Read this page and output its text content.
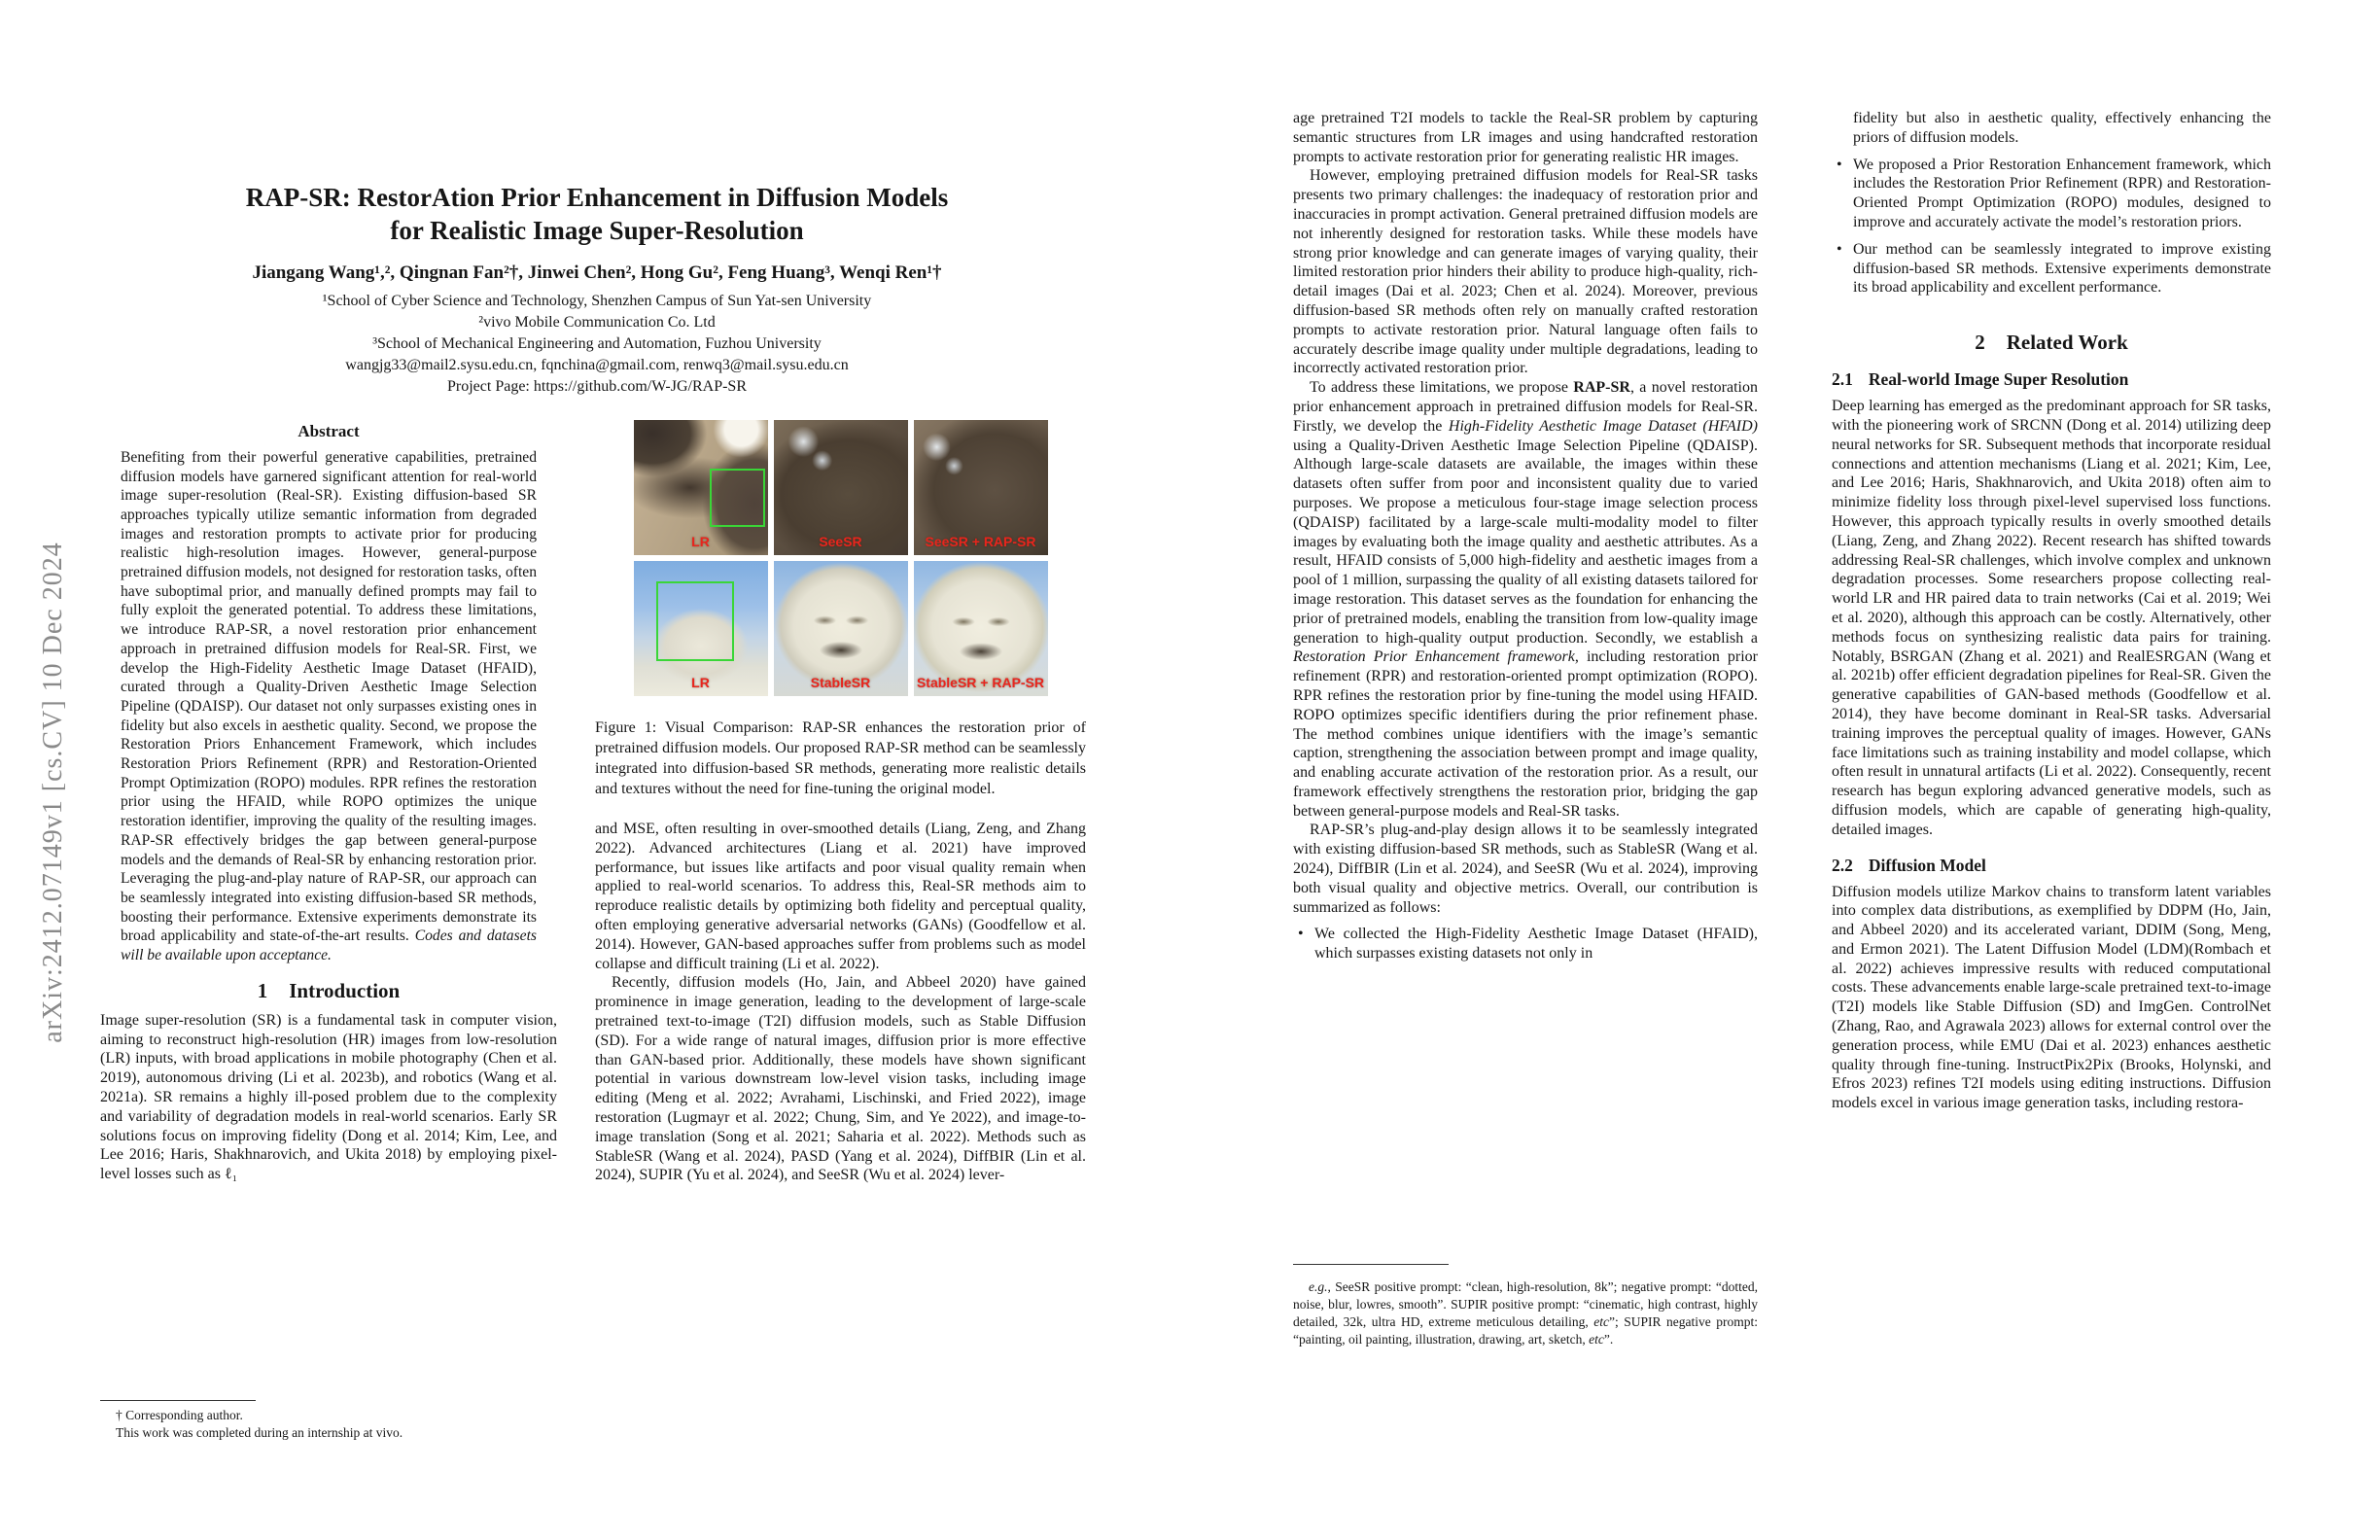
arXiv:2412.07149v1 [cs.CV] 10 Dec 2024
RAP-SR: RestorAtion Prior Enhancement in Diffusion Models
for Realistic Image Super-Resolution
Jiangang Wang¹,², Qingnan Fan²†, Jinwei Chen², Hong Gu², Feng Huang³, Wenqi Ren¹†
¹School of Cyber Science and Technology, Shenzhen Campus of Sun Yat-sen University
²vivo Mobile Communication Co. Ltd
³School of Mechanical Engineering and Automation, Fuzhou University
wangjg33@mail2.sysu.edu.cn, fqnchina@gmail.com, renwq3@mail.sysu.edu.cn
Project Page: https://github.com/W-JG/RAP-SR
Abstract

Benefiting from their powerful generative capabilities, pretrained diffusion models have garnered significant attention for real-world image super-resolution (Real-SR). Existing diffusion-based SR approaches typically utilize semantic information from degraded images and restoration prompts to activate prior for producing realistic high-resolution images. However, general-purpose pretrained diffusion models, not designed for restoration tasks, often have suboptimal prior, and manually defined prompts may fail to fully exploit the generated potential. To address these limitations, we introduce RAP-SR, a novel restoration prior enhancement approach in pretrained diffusion models for Real-SR. First, we develop the High-Fidelity Aesthetic Image Dataset (HFAID), curated through a Quality-Driven Aesthetic Image Selection Pipeline (QDAISP). Our dataset not only surpasses existing ones in fidelity but also excels in aesthetic quality. Second, we propose the Restoration Priors Enhancement Framework, which includes Restoration Priors Refinement (RPR) and Restoration-Oriented Prompt Optimization (ROPO) modules. RPR refines the restoration prior using the HFAID, while ROPO optimizes the unique restoration identifier, improving the quality of the resulting images. RAP-SR effectively bridges the gap between general-purpose models and the demands of Real-SR by enhancing restoration prior. Leveraging the plug-and-play nature of RAP-SR, our approach can be seamlessly integrated into existing diffusion-based SR methods, boosting their performance. Extensive experiments demonstrate its broad applicability and state-of-the-art results. Codes and datasets will be available upon acceptance.

1 Introduction

Image super-resolution (SR) is a fundamental task in computer vision, aiming to reconstruct high-resolution (HR) images from low-resolution (LR) inputs, with broad applications in mobile photography (Chen et al. 2019), autonomous driving (Li et al. 2023b), and robotics (Wang et al. 2021a). SR remains a highly ill-posed problem due to the complexity and variability of degradation models in real-world scenarios. Early SR solutions focus on improving fidelity (Dong et al. 2014; Kim, Lee, and Lee 2016; Haris, Shakhnarovich, and Ukita 2018) by employing pixel-level losses such as ℓ₁

† Corresponding author.
This work was completed during an internship at vivo.
LR	SeeSR	SeeSR + RAP-SR
LR	StableSR	StableSR + RAP-SR
Figure 1: Visual Comparison: RAP-SR enhances the restoration prior of pretrained diffusion models. Our proposed RAP-SR method can be seamlessly integrated into diffusion-based SR methods, generating more realistic details and textures without the need for fine-tuning the original model.

and MSE, often resulting in over-smoothed details (Liang, Zeng, and Zhang 2022). Advanced architectures (Liang et al. 2021) have improved performance, but issues like artifacts and poor visual quality remain when applied to real-world scenarios. To address this, Real-SR methods aim to reproduce realistic details by optimizing both fidelity and perceptual quality, often employing generative adversarial networks (GANs) (Goodfellow et al. 2014). However, GAN-based approaches suffer from problems such as model collapse and difficult training (Li et al. 2022).

Recently, diffusion models (Ho, Jain, and Abbeel 2020) have gained prominence in image generation, leading to the development of large-scale pretrained text-to-image (T2I) diffusion models, such as Stable Diffusion (SD). For a wide range of natural images, diffusion prior is more effective than GAN-based prior. Additionally, these models have shown significant potential in various downstream low-level vision tasks, including image editing (Meng et al. 2022; Avrahami, Lischinski, and Fried 2022), image restoration (Lugmayr et al. 2022; Chung, Sim, and Ye 2022), and image-to-image translation (Song et al. 2021; Saharia et al. 2022). Methods such as StableSR (Wang et al. 2024), PASD (Yang et al. 2024), DiffBIR (Lin et al. 2024), SUPIR (Yu et al. 2024), and SeeSR (Wu et al. 2024) lever-

age pretrained T2I models to tackle the Real-SR problem by capturing semantic structures from LR images and using handcrafted restoration prompts to activate restoration prior for generating realistic HR images.

However, employing pretrained diffusion models for Real-SR tasks presents two primary challenges: the inadequacy of restoration prior and inaccuracies in prompt activation. General pretrained diffusion models are not inherently designed for restoration tasks. While these models have strong prior knowledge and can generate images of varying quality, their limited restoration prior hinders their ability to produce high-quality, rich-detail images (Dai et al. 2023; Chen et al. 2024). Moreover, previous diffusion-based SR methods often rely on manually crafted restoration prompts to activate restoration prior. Natural language often fails to accurately describe image quality under multiple degradations, leading to incorrectly activated restoration prior.

To address these limitations, we propose RAP-SR, a novel restoration prior enhancement approach in pretrained diffusion models for Real-SR. Firstly, we develop the High-Fidelity Aesthetic Image Dataset (HFAID) using a Quality-Driven Aesthetic Image Selection Pipeline (QDAISP). Although large-scale datasets are available, the images within these datasets often suffer from poor and inconsistent quality due to varied purposes. We propose a meticulous four-stage image selection process (QDAISP) facilitated by a large-scale multi-modality model to filter images by evaluating both the image quality and aesthetic attributes. As a result, HFAID consists of 5,000 high-fidelity and aesthetic images from a pool of 1 million, surpassing the quality of all existing datasets tailored for image restoration. This dataset serves as the foundation for enhancing the prior of pretrained models, enabling the transition from low-quality image generation to high-quality output production. Secondly, we establish a Restoration Prior Enhancement framework, including restoration prior refinement (RPR) and restoration-oriented prompt optimization (ROPO). RPR refines the restoration prior by fine-tuning the model using HFAID. ROPO optimizes specific identifiers during the prior refinement phase. The method combines unique identifiers with the image’s semantic caption, strengthening the association between prompt and image quality, and enabling accurate activation of the restoration prior. As a result, our framework effectively strengthens the restoration prior, bridging the gap between general-purpose models and Real-SR tasks.

RAP-SR’s plug-and-play design allows it to be seamlessly integrated with existing diffusion-based SR methods, such as StableSR (Wang et al. 2024), DiffBIR (Lin et al. 2024), and SeeSR (Wu et al. 2024), improving both visual quality and objective metrics. Overall, our contribution is summarized as follows:

• We collected the High-Fidelity Aesthetic Image Dataset (HFAID), which surpasses existing datasets not only in

e.g., SeeSR positive prompt: “clean, high-resolution, 8k”; negative prompt: “dotted, noise, blur, lowres, smooth”. SUPIR positive prompt: “cinematic, high contrast, highly detailed, 32k, ultra HD, extreme meticulous detailing, etc”; SUPIR negative prompt: “painting, oil painting, illustration, drawing, art, sketch, etc”.

fidelity but also in aesthetic quality, effectively enhancing the priors of diffusion models.

• We proposed a Prior Restoration Enhancement framework, which includes the Restoration Prior Refinement (RPR) and Restoration-Oriented Prompt Optimization (ROPO) modules, designed to improve and accurately activate the model’s restoration priors.

• Our method can be seamlessly integrated to improve existing diffusion-based SR methods. Extensive experiments demonstrate its broad applicability and excellent performance.

2 Related Work
2.1 Real-world Image Super Resolution

Deep learning has emerged as the predominant approach for SR tasks, with the pioneering work of SRCNN (Dong et al. 2014) utilizing deep neural networks for SR. Subsequent methods that incorporate residual connections and attention mechanisms (Liang et al. 2021; Kim, Lee, and Lee 2016; Haris, Shakhnarovich, and Ukita 2018) often aim to minimize fidelity loss through pixel-level supervised loss functions. However, this approach typically results in overly smoothed details (Liang, Zeng, and Zhang 2022). Recent research has shifted towards addressing Real-SR challenges, which involve complex and unknown degradation processes. Some researchers propose collecting real-world LR and HR paired data to train networks (Cai et al. 2019; Wei et al. 2020), although this approach can be costly. Alternatively, other methods focus on synthesizing realistic data pairs for training. Notably, BSRGAN (Zhang et al. 2021) and RealESRGAN (Wang et al. 2021b) offer efficient degradation pipelines for Real-SR. Given the generative capabilities of GAN-based methods (Goodfellow et al. 2014), they have become dominant in Real-SR tasks. Adversarial training improves the perceptual quality of images. However, GANs face limitations such as training instability and model collapse, which often result in unnatural artifacts (Li et al. 2022). Consequently, recent research has begun exploring advanced generative models, such as diffusion models, which are capable of generating high-quality, detailed images.

2.2 Diffusion Model

Diffusion models utilize Markov chains to transform latent variables into complex data distributions, as exemplified by DDPM (Ho, Jain, and Abbeel 2020) and its accelerated variant, DDIM (Song, Meng, and Ermon 2021). The Latent Diffusion Model (LDM)(Rombach et al. 2022) achieves impressive results with reduced computational costs. These advancements enable large-scale pretrained text-to-image (T2I) models like Stable Diffusion (SD) and ImgGen. ControlNet (Zhang, Rao, and Agrawala 2023) allows for external control over the generation process, while EMU (Dai et al. 2023) enhances aesthetic quality through fine-tuning. InstructPix2Pix (Brooks, Holynski, and Efros 2023) refines T2I models using editing instructions. Diffusion models excel in various image generation tasks, including restora-
